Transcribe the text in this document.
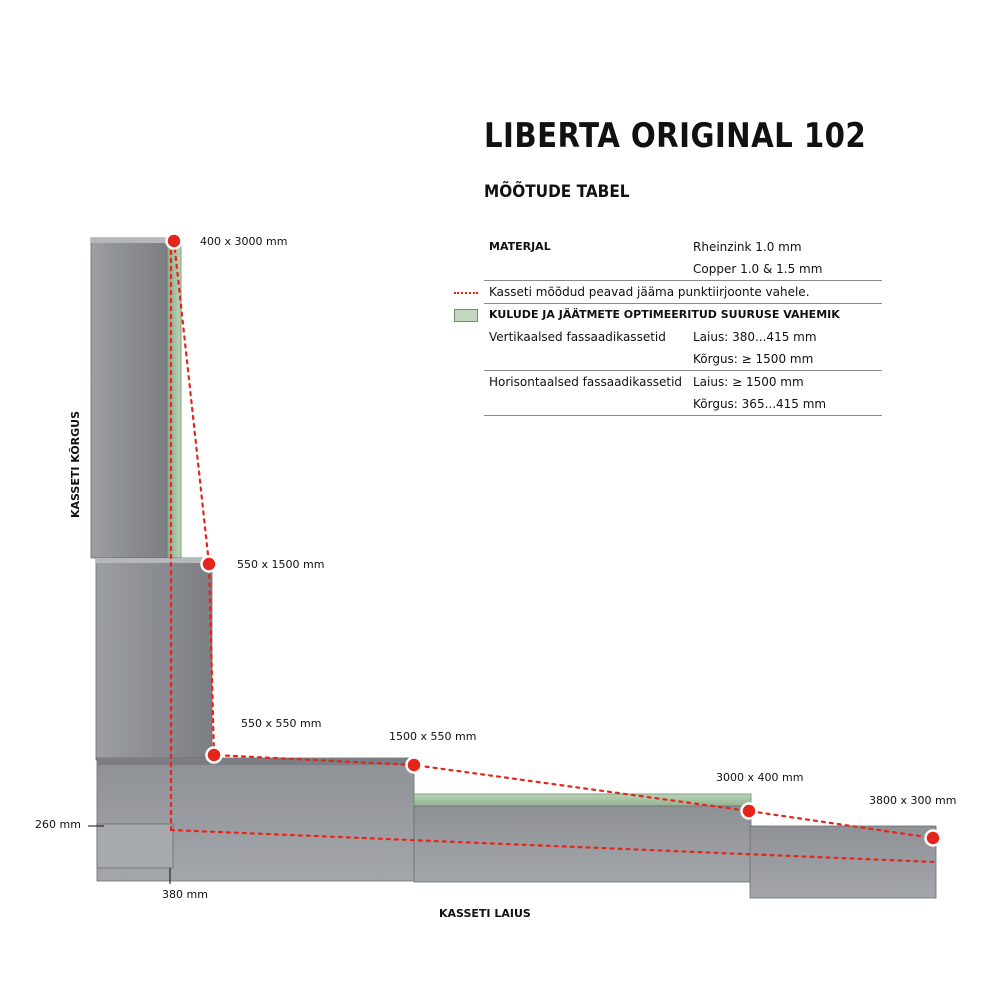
LIBERTA ORIGINAL 102
MÕÕTUDE TABEL
MATERJAL	Rheinzink 1.0 mm
Copper 1.0 & 1.5 mm
Kasseti mõõdud peavad jääma punktiirjoonte vahele.
KULUDE JA JÄÄTMETE OPTIMEERITUD SUURUSE VAHEMIK
Vertikaalsed fassaadikassetid Laius: 380...415 mm
Kõrgus: ≥ 1500 mm
Horisontaalsed fassaadikassetid Laius: ≥ 1500 mm
Kõrgus: 365...415 mm
400 x 3000 mm
550 x 1500 mm
550 x 550 mm
1500 x 550 mm
3000 x 400 mm
3800 x 300 mm
260 mm
380 mm
KASSETI LAIUS
KASSETI KÕRGUS
